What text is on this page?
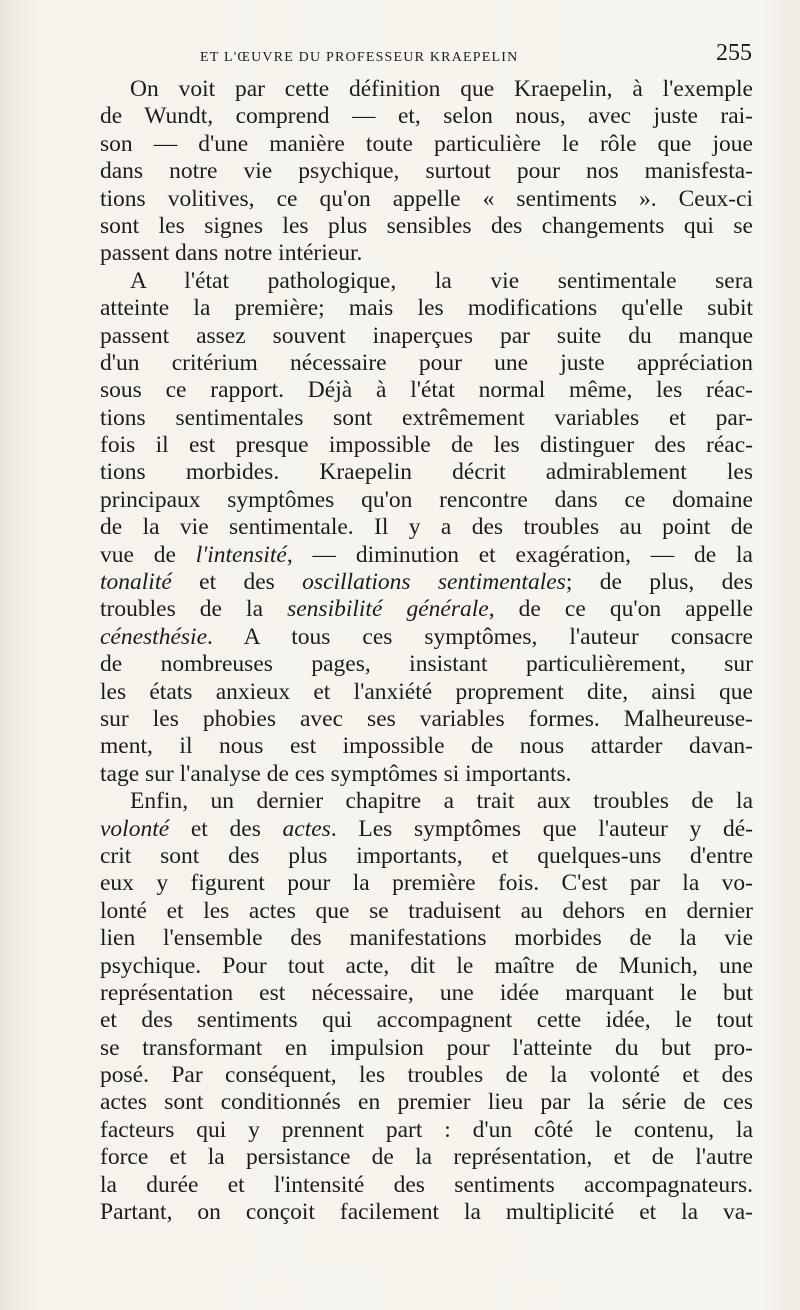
ET L'ŒUVRE DU PROFESSEUR KRAEPELIN	255
On voit par cette définition que Kraepelin, à l'exemple
de Wundt, comprend — et, selon nous, avec juste rai-
son — d'une manière toute particulière le rôle que joue
dans notre vie psychique, surtout pour nos manisfesta-
tions volitives, ce qu'on appelle « sentiments ». Ceux-ci
sont les signes les plus sensibles des changements qui se
passent dans notre intérieur.
A l'état pathologique, la vie sentimentale sera
atteinte la première; mais les modifications qu'elle subit
passent assez souvent inaperçues par suite du manque
d'un critérium nécessaire pour une juste appréciation
sous ce rapport. Déjà à l'état normal même, les réac-
tions sentimentales sont extrêmement variables et par-
fois il est presque impossible de les distinguer des réac-
tions morbides. Kraepelin décrit admirablement les
principaux symptômes qu'on rencontre dans ce domaine
de la vie sentimentale. Il y a des troubles au point de
vue de l'intensité, — diminution et exagération, — de la
tonalité et des oscillations sentimentales; de plus, des
troubles de la sensibilité générale, de ce qu'on appelle
cénesthésie. A tous ces symptômes, l'auteur consacre
de nombreuses pages, insistant particulièrement, sur
les états anxieux et l'anxiété proprement dite, ainsi que
sur les phobies avec ses variables formes. Malheureuse-
ment, il nous est impossible de nous attarder davan-
tage sur l'analyse de ces symptômes si importants.
Enfin, un dernier chapitre a trait aux troubles de la
volonté et des actes. Les symptômes que l'auteur y dé-
crit sont des plus importants, et quelques-uns d'entre
eux y figurent pour la première fois. C'est par la vo-
lonté et les actes que se traduisent au dehors en dernier
lien l'ensemble des manifestations morbides de la vie
psychique. Pour tout acte, dit le maître de Munich, une
représentation est nécessaire, une idée marquant le but
et des sentiments qui accompagnent cette idée, le tout
se transformant en impulsion pour l'atteinte du but pro-
posé. Par conséquent, les troubles de la volonté et des
actes sont conditionnés en premier lieu par la série de ces
facteurs qui y prennent part : d'un côté le contenu, la
force et la persistance de la représentation, et de l'autre
la durée et l'intensité des sentiments accompagnateurs.
Partant, on conçoit facilement la multiplicité et la va-
